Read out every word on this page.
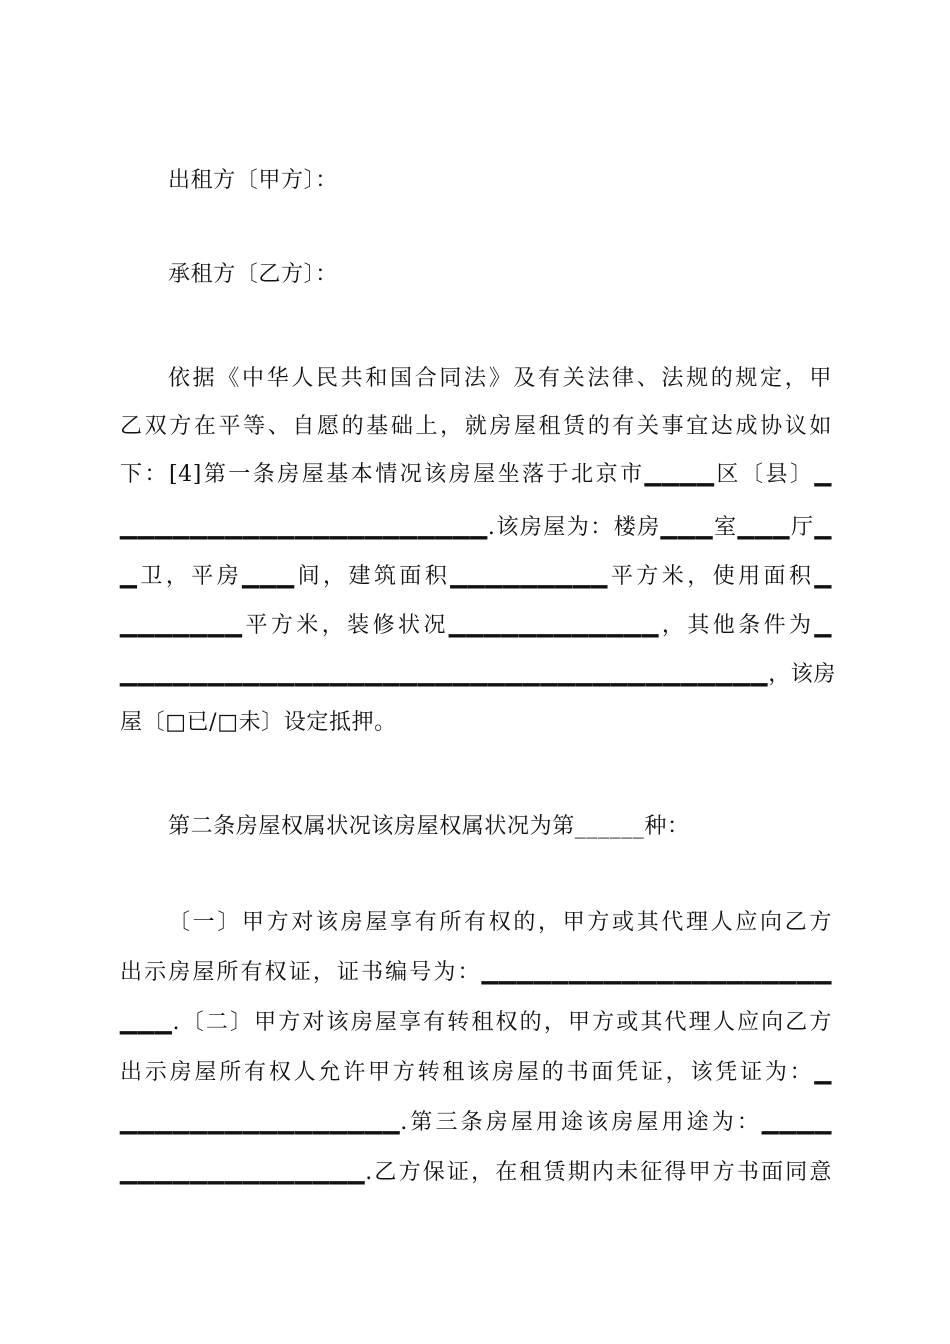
出租方〔甲方〕：
承租方〔乙方〕：
依据《中华人民共和国合同法》及有关法律、法规的规定，甲
乙双方在平等、自愿的基础上，就房屋租赁的有关事宜达成协议如
下：[4]第一条房屋基本情况该房屋坐落于北京市▁▁▁▁区〔县〕▁
▁▁▁▁▁▁▁▁▁▁▁▁▁▁▁▁▁▁▁▁▁.该房屋为：楼房▁▁▁室▁▁▁厅▁
▁卫，平房▁▁▁间，建筑面积▁▁▁▁▁▁▁▁▁平方米，使用面积▁
▁▁▁▁▁▁▁平方米，装修状况▁▁▁▁▁▁▁▁▁▁▁▁，其他条件为▁
▁▁▁▁▁▁▁▁▁▁▁▁▁▁▁▁▁▁▁▁▁▁▁▁▁▁▁▁▁▁▁▁▁▁▁▁▁，该房
屋〔□已/□未〕设定抵押。
第二条房屋权属状况该房屋权属状况为第______种：
〔一〕甲方对该房屋享有所有权的，甲方或其代理人应向乙方
出示房屋所有权证，证书编号为：▁▁▁▁▁▁▁▁▁▁▁▁▁▁▁▁▁▁▁▁
▁▁▁.〔二〕甲方对该房屋享有转租权的，甲方或其代理人应向乙方
出示房屋所有权人允许甲方转租该房屋的书面凭证，该凭证为：▁
▁▁▁▁▁▁▁▁▁▁▁▁▁▁▁▁.第三条房屋用途该房屋用途为：▁▁▁▁
▁▁▁▁▁▁▁▁▁▁▁▁▁▁.乙方保证，在租赁期内未征得甲方书面同意
